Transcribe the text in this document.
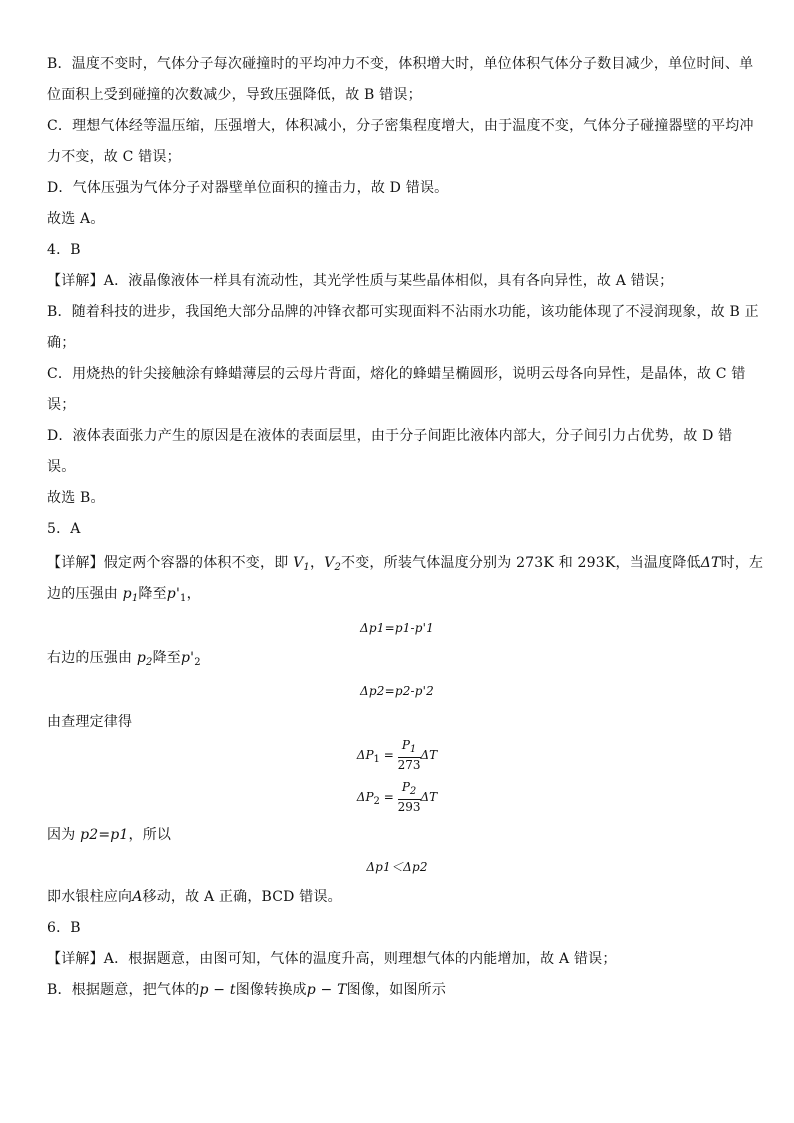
B．温度不变时，气体分子每次碰撞时的平均冲力不变，体积增大时，单位体积气体分子数目减少，单位时间、单
位面积上受到碰撞的次数减少，导致压强降低，故 B 错误；
C．理想气体经等温压缩，压强增大，体积减小，分子密集程度增大，由于温度不变，气体分子碰撞器壁的平均冲
力不变，故 C 错误；
D．气体压强为气体分子对器壁单位面积的撞击力，故 D 错误。
故选 A。
4．B
【详解】A．液晶像液体一样具有流动性，其光学性质与某些晶体相似，具有各向异性，故 A 错误；
B．随着科技的进步，我国绝大部分品牌的冲锋衣都可实现面料不沾雨水功能，该功能体现了不浸润现象，故 B 正
确；
C．用烧热的针尖接触涂有蜂蜡薄层的云母片背面，熔化的蜂蜡呈椭圆形，说明云母各向异性，是晶体，故 C 错
误；
D．液体表面张力产生的原因是在液体的表面层里，由于分子间距比液体内部大，分子间引力占优势，故 D 错
误。
故选 B。
5．A
【详解】假定两个容器的体积不变，即 $V_1$，$V_2$不变，所装气体温度分别为 273K 和 293K，当温度降低ΔT时，左
边的压强由 $p_1$降至$p'_1$，
Δp1=p1-p'1
右边的压强由 $p_2$降至$p'_2$
Δp2=p2-p'2
由查理定律得
$\Delta P_1 = \frac{P_1}{273}$ ΔT
$\Delta P_2 = \frac{P_2}{293}$ ΔT
因为 p2=p1，所以
Δp1＜Δp2
即水银柱应向A移动，故 A 正确，BCD 错误。
6．B
【详解】A．根据题意，由图可知，气体的温度升高，则理想气体的内能增加，故 A 错误；
B．根据题意，把气体的p − t图像转换成p − T图像，如图所示
